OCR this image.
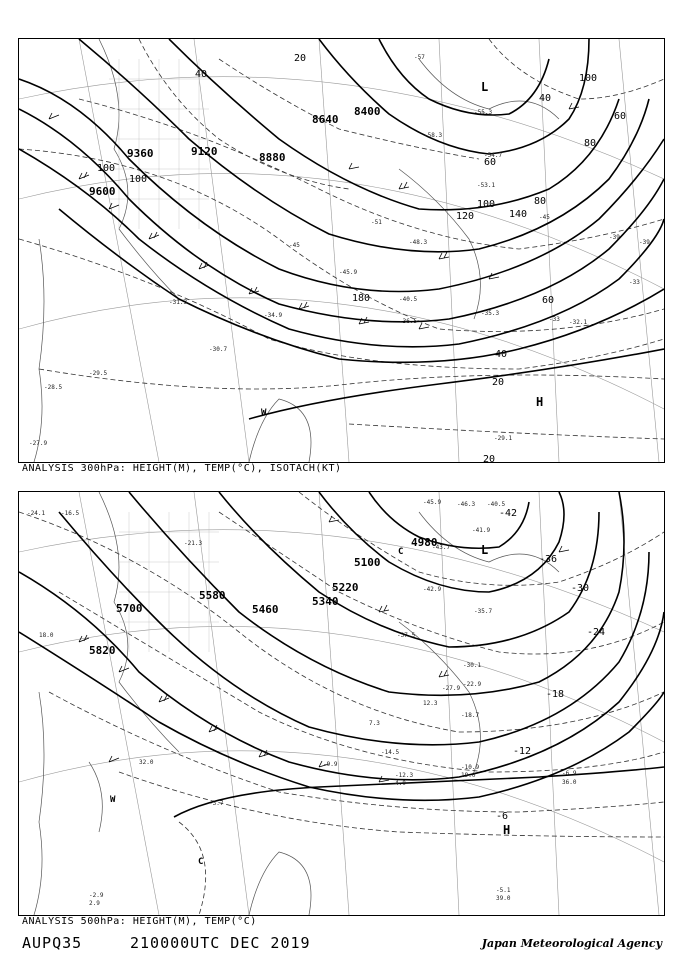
8400
8640
8880
9120
9360
9600
20
40
40
60
60
80
80
100
100
100
100
120	140
180	60
40
20
20
-57
-55.3
-58.3
-54.7
-53.1
-51
-48.3
-45
-45.9
-40.5
-39
-36.5
-35.3
-34.9
-33 -32.1
-31.3
-30.7
-29.5
-29.1
-28.5
-27.9
-39
-45
-33
L
H
W
ANALYSIS 300hPa: HEIGHT(M), TEMP(°C), ISOTACH(KT)
4980
5100
5220
5340
5460
5580
5700
5820
-42
-36
-30
-24
-18
-12
-6
-46.3 -40.5
-41.9
-43.7
-45.9
-42.9
-37.5
-35.7
-30.1
-27.9
-22.9
-18.7
-14.5
-12.3
-10.9
-9.9
-6.9
-5.1
-3.7
-2.9
-16.5
-21.3
-24.1
39.0
36.0
32.0
19.0
18.0
4.0
2.9
12.3
7.3
L
H
W
C
C
ANALYSIS 500hPa: HEIGHT(M), TEMP(°C)
AUPQ35	210000UTC DEC 2019	Japan Meteorological Agency
